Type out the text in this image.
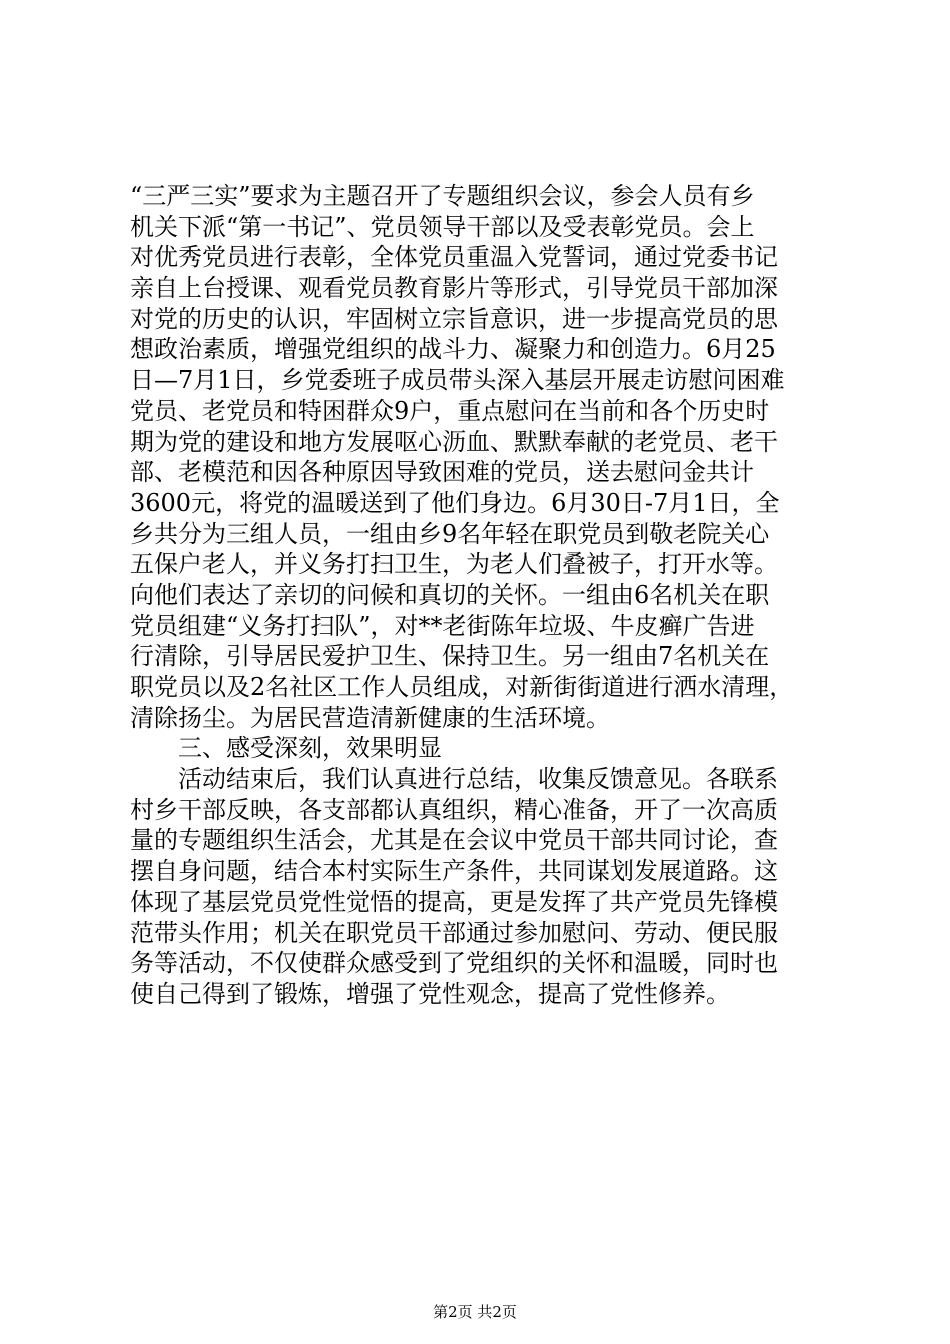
“三严三实”要求为主题召开了专题组织会议，参会人员有乡
机关下派“第一书记”、党员领导干部以及受表彰党员。会上
对优秀党员进行表彰，全体党员重温入党誓词，通过党委书记
亲自上台授课、观看党员教育影片等形式，引导党员干部加深
对党的历史的认识，牢固树立宗旨意识，进一步提高党员的思
想政治素质，增强党组织的战斗力、凝聚力和创造力。6月25
日—7月1日，乡党委班子成员带头深入基层开展走访慰问困难
党员、老党员和特困群众9户，重点慰问在当前和各个历史时
期为党的建设和地方发展呕心沥血、默默奉献的老党员、老干
部、老模范和因各种原因导致困难的党员，送去慰问金共计
3600元，将党的温暖送到了他们身边。6月30日-7月1日，全
乡共分为三组人员，一组由乡9名年轻在职党员到敬老院关心
五保户老人，并义务打扫卫生，为老人们叠被子，打开水等。
向他们表达了亲切的问候和真切的关怀。一组由6名机关在职
党员组建“义务打扫队”，对**老街陈年垃圾、牛皮癣广告进
行清除，引导居民爱护卫生、保持卫生。另一组由7名机关在
职党员以及2名社区工作人员组成，对新街街道进行洒水清理，
清除扬尘。为居民营造清新健康的生活环境。
三、感受深刻，效果明显
活动结束后，我们认真进行总结，收集反馈意见。各联系
村乡干部反映，各支部都认真组织，精心准备，开了一次高质
量的专题组织生活会，尤其是在会议中党员干部共同讨论，查
摆自身问题，结合本村实际生产条件，共同谋划发展道路。这
体现了基层党员党性觉悟的提高，更是发挥了共产党员先锋模
范带头作用；机关在职党员干部通过参加慰问、劳动、便民服
务等活动，不仅使群众感受到了党组织的关怀和温暖，同时也
使自己得到了锻炼，增强了党性观念，提高了党性修养。
第2页 共2页
